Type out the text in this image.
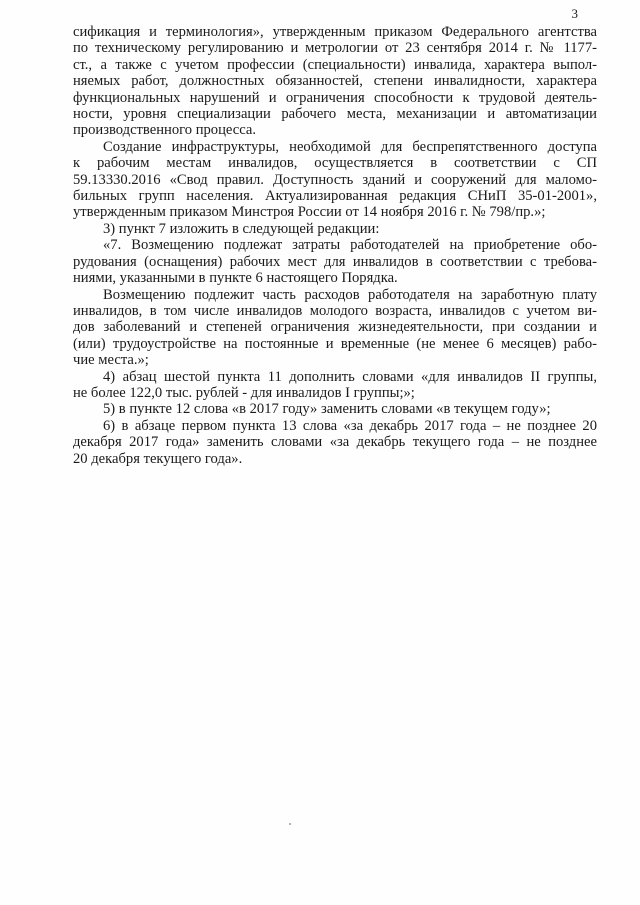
3
сификация и терминология», утвержденным приказом Федерального агентства
по техническому регулированию и метрологии от 23 сентября 2014 г. № 1177-
ст., а также с учетом профессии (специальности) инвалида, характера выпол-
няемых работ, должностных обязанностей, степени инвалидности, характера
функциональных нарушений и ограничения способности к трудовой деятель-
ности, уровня специализации рабочего места, механизации и автоматизации
производственного процесса.
Создание инфраструктуры, необходимой для беспрепятственного доступа
к рабочим местам инвалидов, осуществляется в соответствии с СП
59.13330.2016 «Свод правил. Доступность зданий и сооружений для маломо-
бильных групп населения. Актуализированная редакция СНиП 35-01-2001»,
утвержденным приказом Минстроя России от 14 ноября 2016 г. № 798/пр.»;
3) пункт 7 изложить в следующей редакции:
«7. Возмещению подлежат затраты работодателей на приобретение обо-
рудования (оснащения) рабочих мест для инвалидов в соответствии с требова-
ниями, указанными в пункте 6 настоящего Порядка.
Возмещению подлежит часть расходов работодателя на заработную плату
инвалидов, в том числе инвалидов молодого возраста, инвалидов с учетом ви-
дов заболеваний и степеней ограничения жизнедеятельности, при создании и
(или) трудоустройстве на постоянные и временные (не менее 6 месяцев) рабо-
чие места.»;
4) абзац шестой пункта 11 дополнить словами «для инвалидов II группы,
не более 122,0 тыс. рублей - для инвалидов I группы;»;
5) в пункте 12 слова «в 2017 году» заменить словами «в текущем году»;
6) в абзаце первом пункта 13 слова «за декабрь 2017 года – не позднее 20
декабря 2017 года» заменить словами «за декабрь текущего года – не позднее
20 декабря текущего года».
